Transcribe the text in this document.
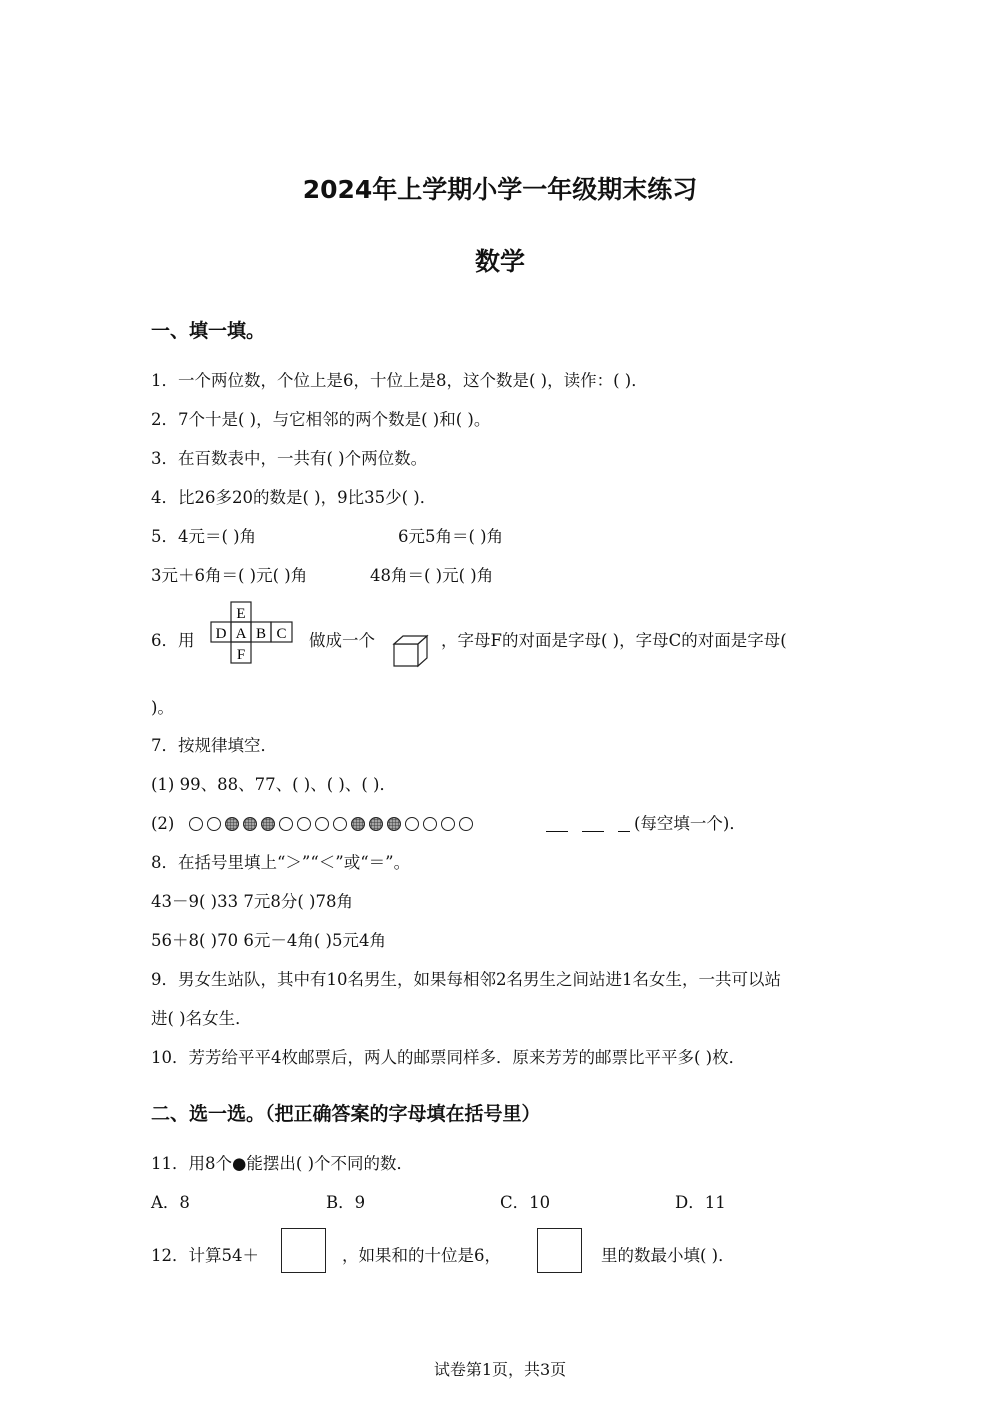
2024年上学期小学一年级期末练习
数学
一、填一填。
1．一个两位数，个位上是6，十位上是8，这个数是( )，读作：( )．
2．7个十是( )，与它相邻的两个数是( )和( )。
3．在百数表中，一共有( )个两位数。
4．比26多20的数是( )，9比35少( )．
5．4元＝( )角	6元5角＝( )角
3元＋6角＝( )元( )角	48角＝( )元( )角
6．用
E
D A B C
F
做成一个	，字母F的对面是字母( )，字母C的对面是字母(
)。
7．按规律填空．
(1) 99、88、77、( )、( )、( )．
(2)	(每空填一个)．
8．在括号里填上“＞”“＜”或“＝”。
43－9( )33 7元8分( )78角
56＋8( )70 6元－4角( )5元4角
9．男女生站队，其中有10名男生，如果每相邻2名男生之间站进1名女生，一共可以站
进( )名女生．
10．芳芳给平平4枚邮票后，两人的邮票同样多．原来芳芳的邮票比平平多( )枚．
二、选一选。（把正确答案的字母填在括号里）
11．用8个●能摆出( )个不同的数．
A．8	B．9	C．10	D．11
12．计算54＋	，如果和的十位是6，	里的数最小填( )．
试卷第1页，共3页
